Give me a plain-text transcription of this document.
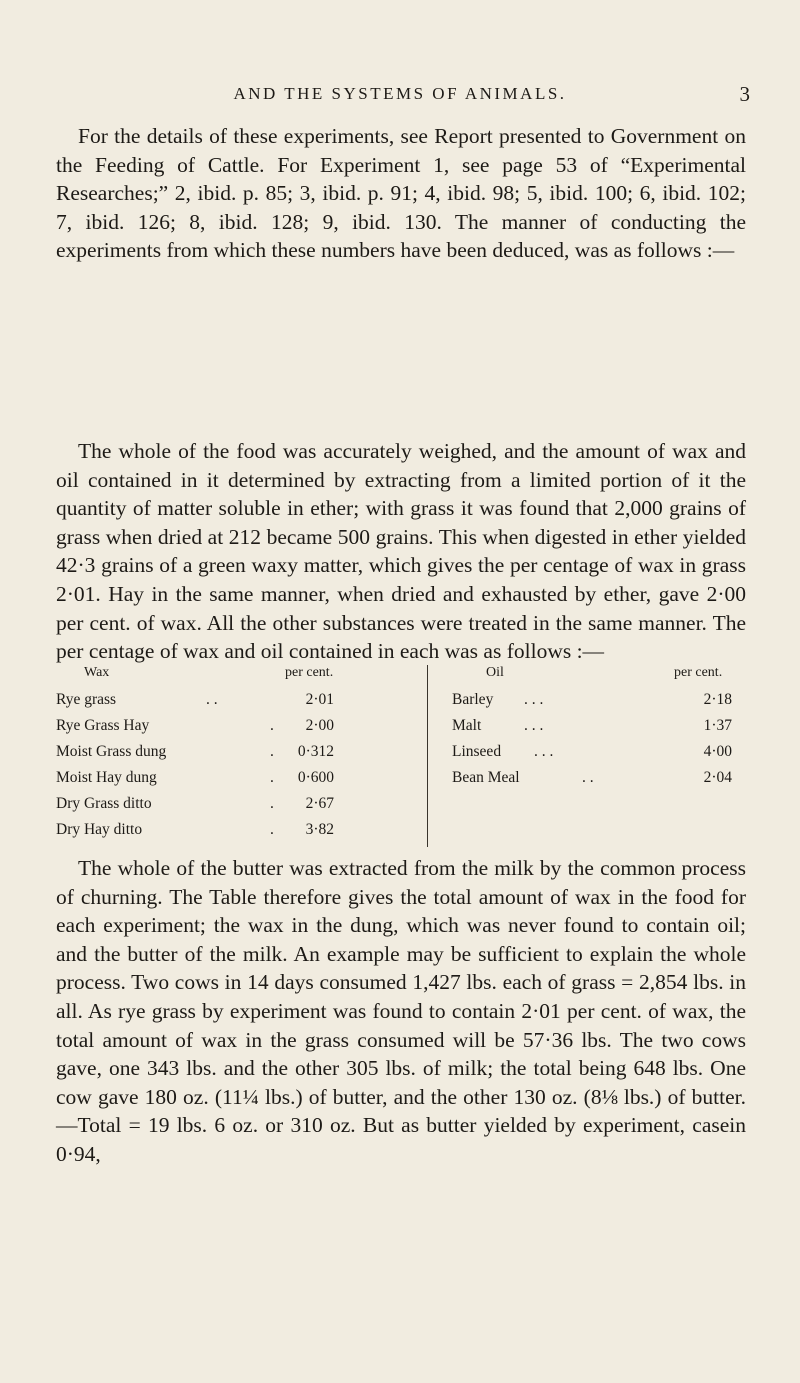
AND THE SYSTEMS OF ANIMALS.	3

For the details of these experiments, see Report presented to Government on the Feeding of Cattle. For Experiment 1, see page 53 of “Experimental Researches;” 2, ibid. p. 85; 3, ibid. p. 91; 4, ibid. 98; 5, ibid. 100; 6, ibid. 102; 7, ibid. 126; 8, ibid. 128; 9, ibid. 130. The manner of conducting the experiments from which these numbers have been deduced, was as follows :—

The whole of the food was accurately weighed, and the amount of wax and oil contained in it determined by extracting from a limited portion of it the quantity of matter soluble in ether; with grass it was found that 2,000 grains of grass when dried at 212 became 500 grains. This when digested in ether yielded 42·3 grains of a green waxy matter, which gives the per centage of wax in grass 2·01. Hay in the same manner, when dried and exhausted by ether, gave 2·00 per cent. of wax. All the other substances were treated in the same manner. The per centage of wax and oil contained in each was as follows :—

Wax	per cent.
Rye grass	. .	2·01
Rye Grass Hay	.	2·00
Moist Grass dung	.	0·312
Moist Hay dung	.	0·600
Dry Grass ditto	.	2·67
Dry Hay ditto	.	3·82
Oil	per cent.
Barley . . .	2·18
Malt	. . .	1·37
Linseed . . .	4·00
Bean Meal	. .	2·04

The whole of the butter was extracted from the milk by the common process of churning. The Table therefore gives the total amount of wax in the food for each experiment; the wax in the dung, which was never found to contain oil; and the butter of the milk. An example may be sufficient to explain the whole process. Two cows in 14 days consumed 1,427 lbs. each of grass = 2,854 lbs. in all. As rye grass by experiment was found to contain 2·01 per cent. of wax, the total amount of wax in the grass consumed will be 57·36 lbs. The two cows gave, one 343 lbs. and the other 305 lbs. of milk; the total being 648 lbs. One cow gave 180 oz. (11¼ lbs.) of butter, and the other 130 oz. (8⅛ lbs.) of butter.—Total = 19 lbs. 6 oz. or 310 oz. But as butter yielded by experiment, casein 0·94,
